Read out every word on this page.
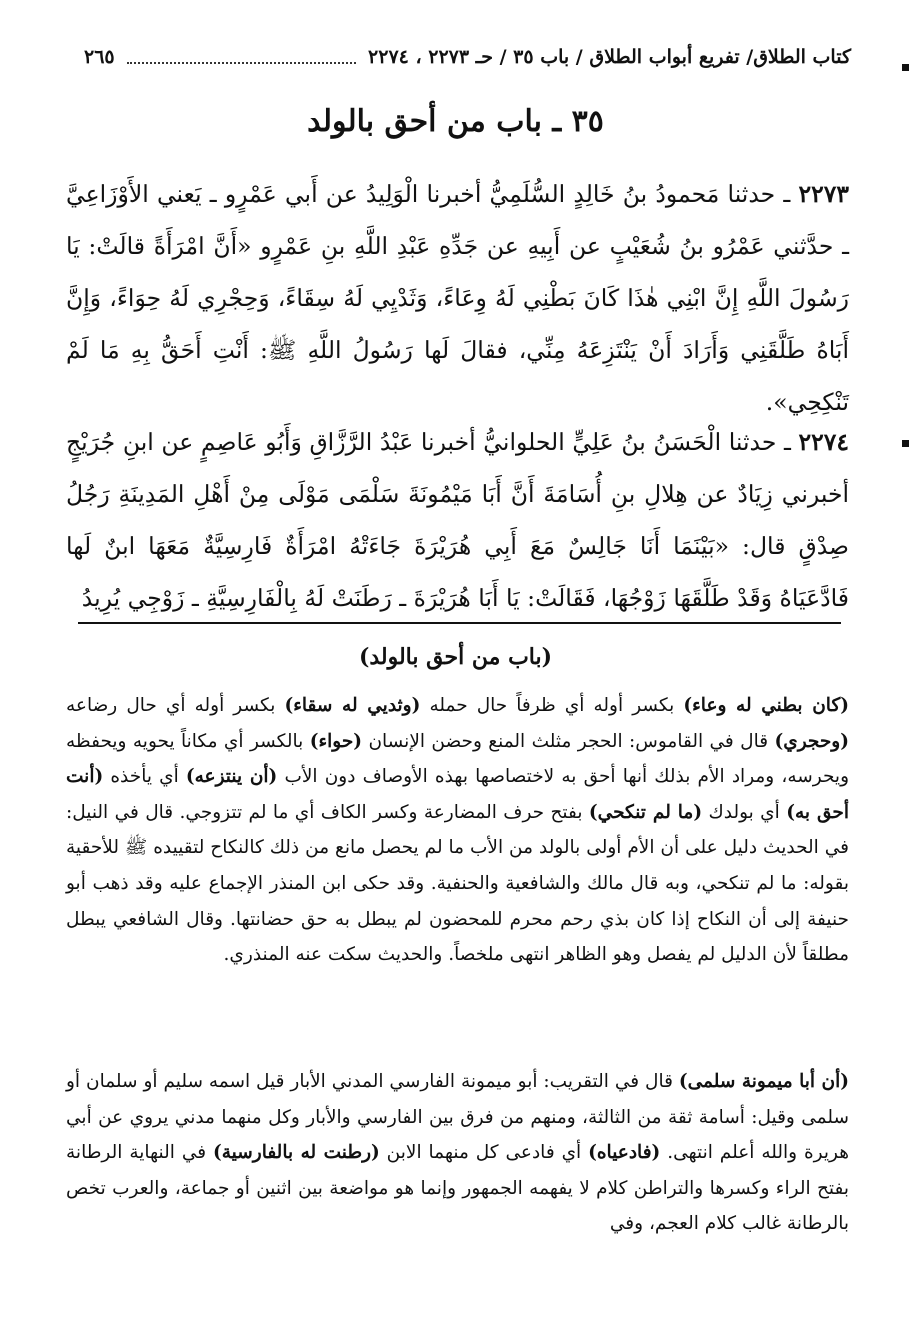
كتاب الطلاق/ تفريع أبواب الطلاق / باب ٣٥ / حـ ٢٢٧٣ ، ٢٢٧٤
٢٦٥
٣٥ ـ باب من أحق بالولد
٢٢٧٣ ـ حدثنا مَحمودُ بنُ خَالِدٍ السُّلَمِيُّ أخبرنا الْوَلِيدُ عن أَبي عَمْرٍو ـ يَعني الأَوْزَاعِيَّ ـ حدَّثني عَمْرُو بنُ شُعَيْبٍ عن أَبِيهِ عن جَدِّهِ عَبْدِ اللَّهِ بنِ عَمْرٍو «أَنَّ امْرَأَةً قالَتْ: يَا رَسُولَ اللَّهِ إِنَّ ابْنِي هٰذَا كَانَ بَطْنِي لَهُ وِعَاءً، وَثَدْيِي لَهُ سِقَاءً، وَحِجْرِي لَهُ حِوَاءً، وَإِنَّ أَبَاهُ طَلَّقَنِي وَأَرَادَ أَنْ يَنْتَزِعَهُ مِنِّي، فقالَ لَها رَسُولُ اللَّهِ ﷺ: أَنْتِ أَحَقُّ بِهِ مَا لَمْ تَنْكِحِي».
٢٢٧٤ ـ حدثنا الْحَسَنُ بنُ عَلِيٍّ الحلوانيُّ أخبرنا عَبْدُ الرَّزَّاقِ وَأَبُو عَاصِمٍ عن ابنِ جُرَيْجٍ أخبرني زِيَادٌ عن هِلالِ بنِ أُسَامَةَ أَنَّ أَبَا مَيْمُونَةَ سَلْمَى مَوْلَى مِنْ أَهْلِ المَدِينَةِ رَجُلُ صِدْقٍ قال: «بَيْنَمَا أَنَا جَالِسٌ مَعَ أَبِي هُرَيْرَةَ جَاءَتْهُ امْرَأَةٌ فَارِسِيَّةٌ مَعَهَا ابنٌ لَها فَادَّعَيَاهُ وَقَدْ طَلَّقَهَا زَوْجُهَا، فَقَالَتْ: يَا أَبَا هُرَيْرَةَ ـ رَطَنَتْ لَهُ بِالْفَارِسِيَّةِ ـ زَوْجِي يُرِيدُ
(باب من أحق بالولد)
(كان بطني له وعاء) بكسر أوله أي ظرفاً حال حمله (وثديي له سقاء) بكسر أوله أي حال رضاعه (وحجري) قال في القاموس: الحجر مثلث المنع وحضن الإنسان (حواء) بالكسر أي مكاناً يحويه ويحفظه ويحرسه، ومراد الأم بذلك أنها أحق به لاختصاصها بهذه الأوصاف دون الأب (أن ينتزعه) أي يأخذه (أنت أحق به) أي بولدك (ما لم تنكحي) بفتح حرف المضارعة وكسر الكاف أي ما لم تتزوجي. قال في النيل: في الحديث دليل على أن الأم أولى بالولد من الأب ما لم يحصل مانع من ذلك كالنكاح لتقييده ﷺ للأحقية بقوله: ما لم تنكحي، وبه قال مالك والشافعية والحنفية. وقد حكى ابن المنذر الإجماع عليه وقد ذهب أبو حنيفة إلى أن النكاح إذا كان بذي رحم محرم للمحضون لم يبطل به حق حضانتها. وقال الشافعي يبطل مطلقاً لأن الدليل لم يفصل وهو الظاهر انتهى ملخصاً. والحديث سكت عنه المنذري.
(أن أبا ميمونة سلمى) قال في التقريب: أبو ميمونة الفارسي المدني الأبار قيل اسمه سليم أو سلمان أو سلمى وقيل: أسامة ثقة من الثالثة، ومنهم من فرق بين الفارسي والأبار وكل منهما مدني يروي عن أبي هريرة والله أعلم انتهى. (فادعياه) أي فادعى كل منهما الابن (رطنت له بالفارسية) في النهاية الرطانة بفتح الراء وكسرها والتراطن كلام لا يفهمه الجمهور وإنما هو مواضعة بين اثنين أو جماعة، والعرب تخص بالرطانة غالب كلام العجم، وفي
